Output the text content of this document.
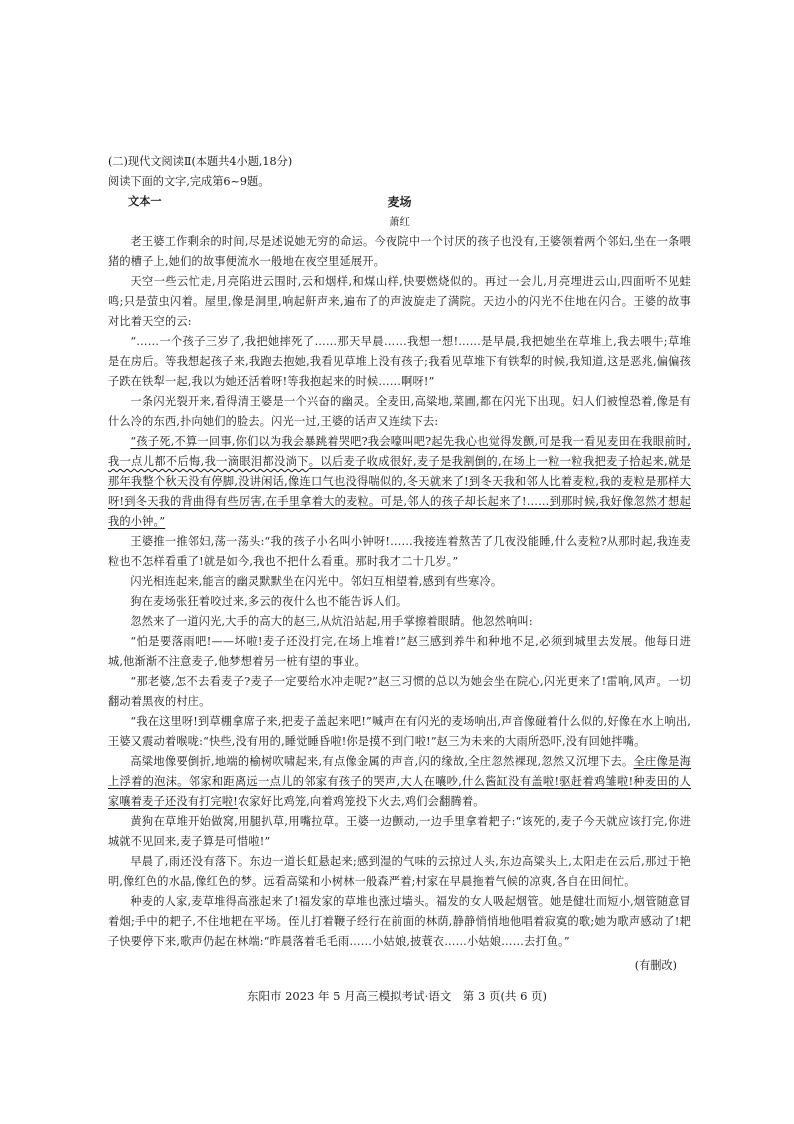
(二)现代文阅读Ⅱ(本题共4小题,18分)
阅读下面的文字,完成第6~9题。
文本一	麦场
萧红

老王婆工作剩余的时间,尽是述说她无穷的命运。今夜院中一个讨厌的孩子也没有,王婆领着两个邻妇,坐在一条喂猪的槽子上,她们的故事便流水一般地在夜空里延展开。

天空一些云忙走,月亮陷进云围时,云和烟样,和煤山样,快要燃烧似的。再过一会儿,月亮埋进云山,四面听不见蛙鸣;只是萤虫闪着。屋里,像是洞里,响起鼾声来,遍布了的声波旋走了满院。天边小的闪光不住地在闪合。王婆的故事对比着天空的云:

“……一个孩子三岁了,我把她摔死了……那天早晨……我想一想!……是早晨,我把她坐在草堆上,我去喂牛;草堆是在房后。等我想起孩子来,我跑去抱她,我看见草堆上没有孩子;我看见草堆下有铁犁的时候,我知道,这是恶兆,偏偏孩子跌在铁犁一起,我以为她还活着呀!等我抱起来的时候……啊呀!”

一条闪光裂开来,看得清王婆是一个兴奋的幽灵。全麦田,高粱地,菜圃,都在闪光下出现。妇人们被惶恐着,像是有什么冷的东西,扑向她们的脸去。闪光一过,王婆的话声又连续下去:

“孩子死,不算一回事,你们以为我会暴跳着哭吧?我会嚎叫吧?起先我心也觉得发颤,可是我一看见麦田在我眼前时,我一点儿都不后悔,我一滴眼泪都没淌下。以后麦子收成很好,麦子是我割倒的,在场上一粒一粒我把麦子拾起来,就是那年我整个秋天没有停脚,没讲闲话,像连口气也没得喘似的,冬天就来了!到冬天我和邻人比着麦粒,我的麦粒是那样大呀!到冬天我的背曲得有些厉害,在手里拿着大的麦粒。可是,邻人的孩子却长起来了!……到那时候,我好像忽然才想起我的小钟。”

王婆推一推邻妇,荡一荡头:“我的孩子小名叫小钟呀!……我接连着熬苦了几夜没能睡,什么麦粒?从那时起,我连麦粒也不怎样看重了!就是如今,我也不把什么看重。那时我才二十几岁。”

闪光相连起来,能言的幽灵默默坐在闪光中。邻妇互相望着,感到有些寒冷。

狗在麦场张狂着咬过来,多云的夜什么也不能告诉人们。

忽然来了一道闪光,大手的高大的赵三,从炕沿站起,用手掌擦着眼睛。他忽然响叫:

“怕是要落雨吧!——坏啦!麦子还没打完,在场上堆着!”赵三感到养牛和种地不足,必须到城里去发展。他每日进城,他渐渐不注意麦子,他梦想着另一桩有望的事业。

“那老婆,怎不去看麦子?麦子一定要给水冲走呢?”赵三习惯的总以为她会坐在院心,闪光更来了!雷响,风声。一切翻动着黑夜的村庄。

“我在这里呀!到草棚拿席子来,把麦子盖起来吧!”喊声在有闪光的麦场响出,声音像碰着什么似的,好像在水上响出,王婆又震动着喉咙:“快些,没有用的,睡觉睡昏啦!你是摸不到门啦!”赵三为未来的大雨所恐吓,没有回她拌嘴。

高粱地像要倒折,地端的榆树吹啸起来,有点像金属的声音,闪的缘故,全庄忽然裸现,忽然又沉埋下去。全庄像是海上浮着的泡沫。邻家和距离远一点儿的邻家有孩子的哭声,大人在嚷吵,什么酱缸没有盖啦!驱赶着鸡雏啦!种麦田的人家嚷着麦子还没有打完啦!农家好比鸡笼,向着鸡笼投下火去,鸡们会翻腾着。

黄狗在草堆开始做窝,用腿扒草,用嘴拉草。王婆一边颤动,一边手里拿着耙子:“该死的,麦子今天就应该打完,你进城就不见回来,麦子算是可惜啦!”

早晨了,雨还没有落下。东边一道长虹悬起来;感到湿的气味的云掠过人头,东边高粱头上,太阳走在云后,那过于艳明,像红色的水晶,像红色的梦。远看高粱和小树林一般森严着;村家在早晨拖着气候的凉爽,各自在田间忙。

种麦的人家,麦草堆得高涨起来了!福发家的草堆也涨过墙头。福发的女人吸起烟管。她是健壮而短小,烟管随意冒着烟;手中的耙子,不住地耙在平场。侄儿打着鞭子经行在前面的林荫,静静悄悄地他唱着寂寞的歌;她为歌声感动了!耙子快要停下来,歌声仍起在林端:“昨晨落着毛毛雨……小姑娘,披蓑衣……小姑娘……去打鱼。”

(有删改)
东阳市 2023 年 5 月高三模拟考试·语文　第 3 页(共 6 页)
